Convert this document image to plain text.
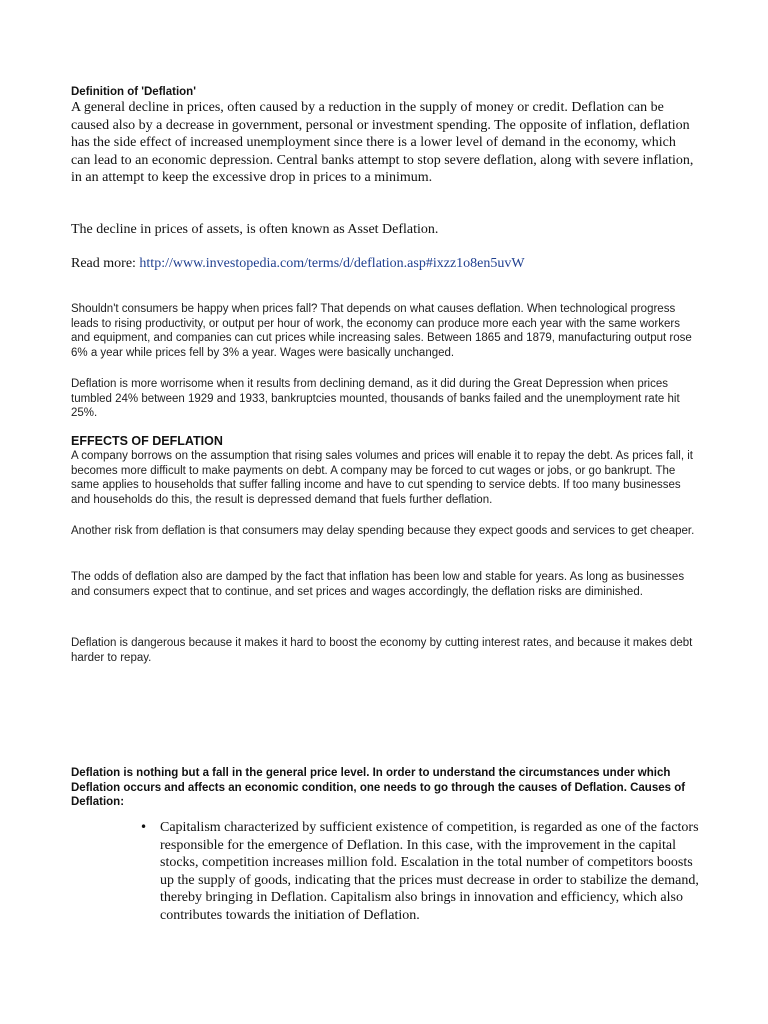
Definition of 'Deflation'

A general decline in prices, often caused by a reduction in the supply of money or credit. Deflation can be caused also by a decrease in government, personal or investment spending. The opposite of inflation, deflation has the side effect of increased unemployment since there is a lower level of demand in the economy, which can lead to an economic depression. Central banks attempt to stop severe deflation, along with severe inflation, in an attempt to keep the excessive drop in prices to a minimum.

The decline in prices of assets, is often known as Asset Deflation.

Read more: http://www.investopedia.com/terms/d/deflation.asp#ixzz1o8en5uvW

Shouldn't consumers be happy when prices fall? That depends on what causes deflation. When technological progress leads to rising productivity, or output per hour of work, the economy can produce more each year with the same workers and equipment, and companies can cut prices while increasing sales. Between 1865 and 1879, manufacturing output rose 6% a year while prices fell by 3% a year. Wages were basically unchanged.

Deflation is more worrisome when it results from declining demand, as it did during the Great Depression when prices tumbled 24% between 1929 and 1933, bankruptcies mounted, thousands of banks failed and the unemployment rate hit 25%.

EFFECTS OF DEFLATION

A company borrows on the assumption that rising sales volumes and prices will enable it to repay the debt. As prices fall, it becomes more difficult to make payments on debt. A company may be forced to cut wages or jobs, or go bankrupt. The same applies to households that suffer falling income and have to cut spending to service debts. If too many businesses and households do this, the result is depressed demand that fuels further deflation.

Another risk from deflation is that consumers may delay spending because they expect goods and services to get cheaper.

The odds of deflation also are damped by the fact that inflation has been low and stable for years. As long as businesses and consumers expect that to continue, and set prices and wages accordingly, the deflation risks are diminished.

Deflation is dangerous because it makes it hard to boost the economy by cutting interest rates, and because it makes debt harder to repay.

Deflation is nothing but a fall in the general price level. In order to understand the circumstances under which Deflation occurs and affects an economic condition, one needs to go through the causes of Deflation. Causes of Deflation:

• Capitalism characterized by sufficient existence of competition, is regarded as one of the factors responsible for the emergence of Deflation. In this case, with the improvement in the capital stocks, competition increases million fold. Escalation in the total number of competitors boosts up the supply of goods, indicating that the prices must decrease in order to stabilize the demand, thereby bringing in Deflation. Capitalism also brings in innovation and efficiency, which also contributes towards the initiation of Deflation.
